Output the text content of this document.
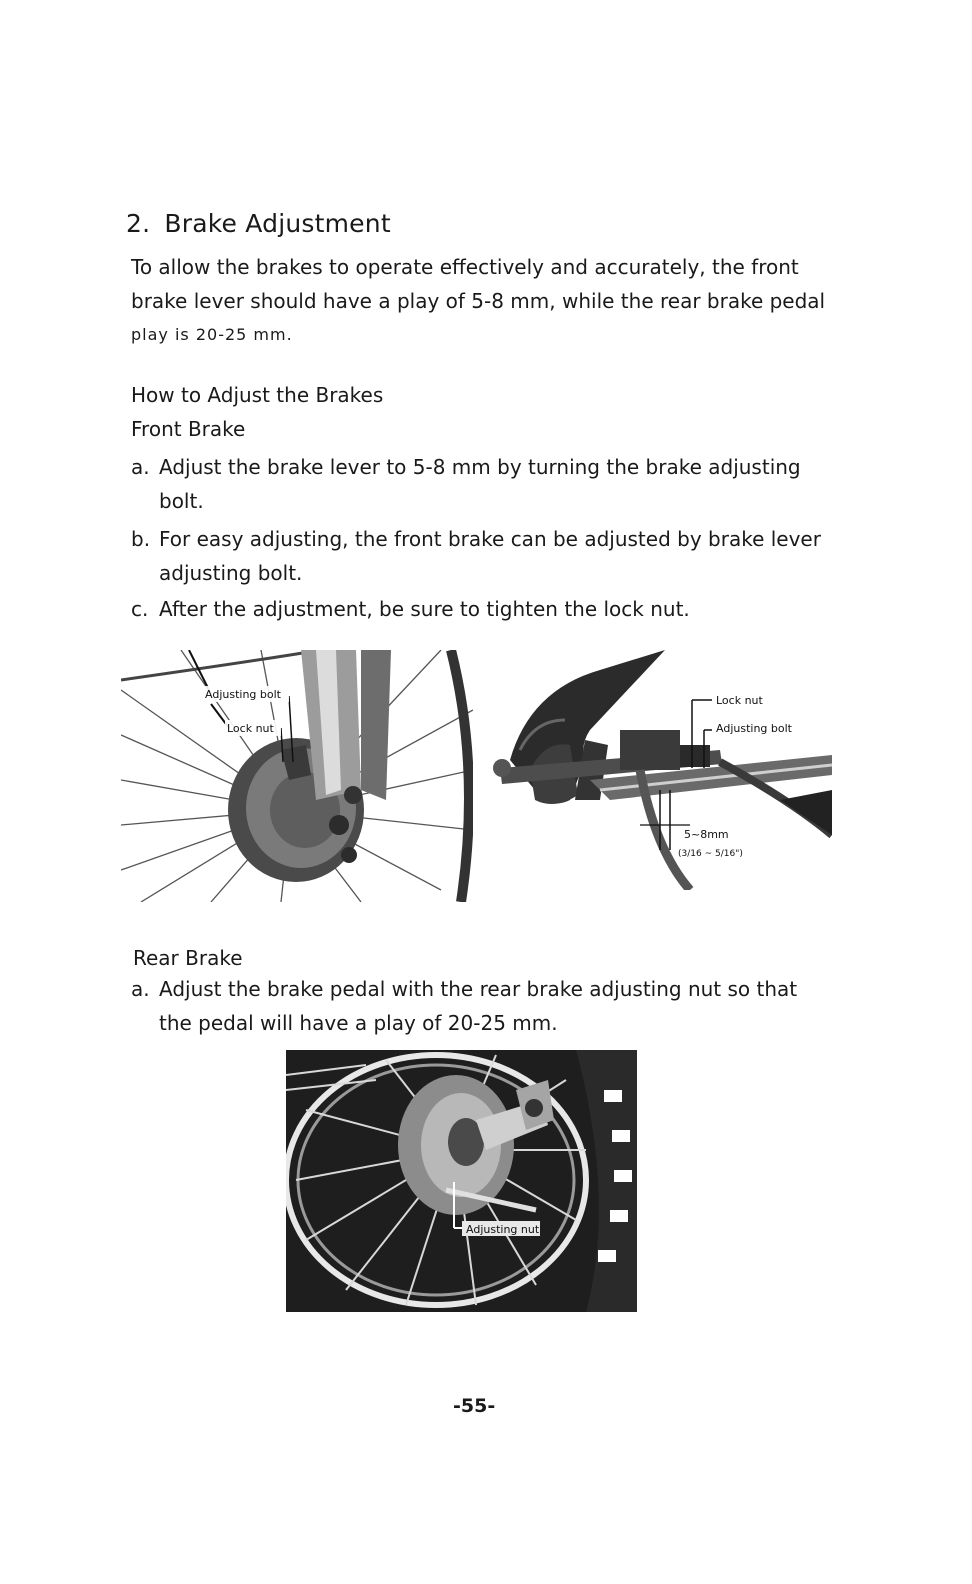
2. Brake Adjustment
To allow the brakes to operate effectively and accurately, the front
brake lever should have a play of 5-8 mm, while the rear brake pedal
play is 20-25 mm.
How to Adjust the Brakes
Front Brake
a. Adjust the brake lever to 5-8 mm by turning the brake adjusting bolt.
b. For easy adjusting, the front brake can be adjusted by brake lever adjusting bolt.
c. After the adjustment, be sure to tighten the lock nut.
Adjusting bolt
Lock nut
Lock nut
Adjusting bolt
5~8mm
(3/16 ~ 5/16")
Rear Brake
a. Adjust the brake pedal with the rear brake adjusting nut so that the pedal will have a play of 20-25 mm.
Adjusting nut
-55-
